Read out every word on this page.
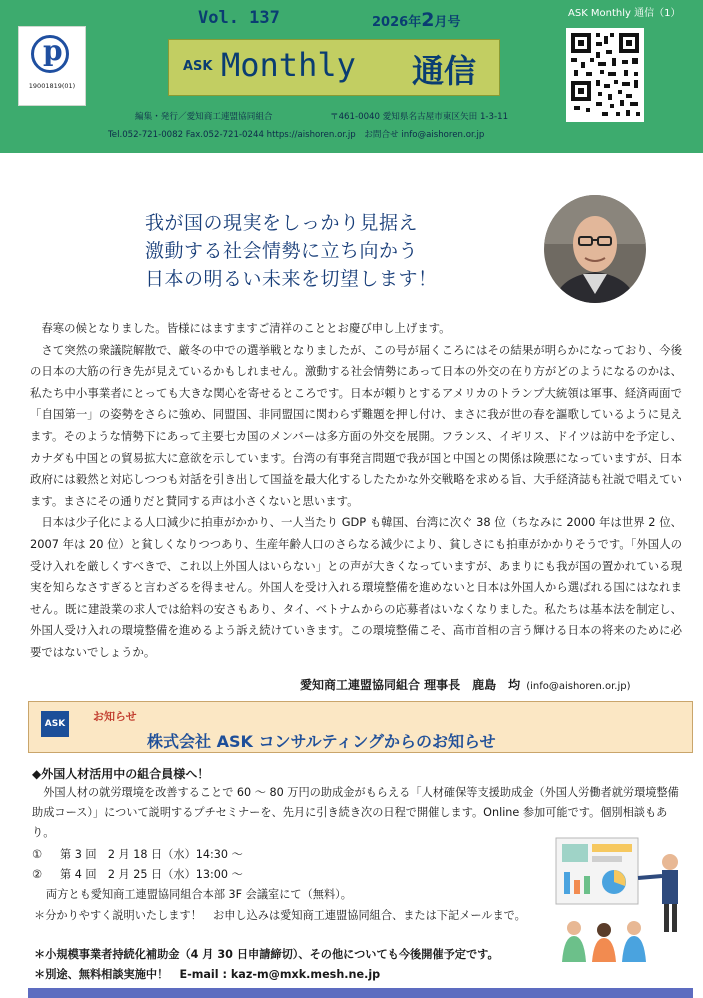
Vol. 137	2026年2月号
ASK Monthly 通信（1）
p
19001819(01)
ASK Monthly 通信
編集・発行／愛知商工連盟協同組合	〒461-0040 愛知県名古屋市東区矢田 1-3-11
Tel.052-721-0082 Fax.052-721-0244 https://aishoren.or.jp　お問合せ info@aishoren.or.jp
我が国の現実をしっかり見据え
激動する社会情勢に立ち向かう
日本の明るい未来を切望します！

春寒の候となりました。皆様にはますますご清祥のこととお慶び申し上げます。

さて突然の衆議院解散で、厳冬の中での選挙戦となりましたが、この号が届くころにはその結果が明らかになっており、今後の日本の大筋の行き先が見えているかもしれません。激動する社会情勢にあって日本の外交の在り方がどのようになるのかは、私たち中小事業者にとっても大きな関心を寄せるところです。日本が頼りとするアメリカのトランプ大統領は軍事、経済両面で「自国第一」の姿勢をさらに強め、同盟国、非同盟国に関わらず難題を押し付け、まさに我が世の春を謳歌しているように見えます。そのような情勢下にあって主要七カ国のメンバーは多方面の外交を展開。フランス、イギリス、ドイツは訪中を予定し、カナダも中国との貿易拡大に意欲を示しています。台湾の有事発言問題で我が国と中国との関係は険悪になっていますが、日本政府には毅然と対応しつつも対話を引き出して国益を最大化するしたたかな外交戦略を求める旨、大手経済誌も社説で唱えています。まさにその通りだと賛同する声は小さくないと思います。

日本は少子化による人口減少に拍車がかかり、一人当たり GDP も韓国、台湾に次ぐ 38 位（ちなみに 2000 年は世界 2 位、2007 年は 20 位）と貧しくなりつつあり、生産年齢人口のさらなる減少により、貧しさにも拍車がかかりそうです。「外国人の受け入れを厳しくすべきで、これ以上外国人はいらない」との声が大きくなっていますが、あまりにも我が国の置かれている現実を知らなさすぎると言わざるを得ません。外国人を受け入れる環境整備を進めないと日本は外国人から選ばれる国にはなれません。既に建設業の求人では給料の安さもあり、タイ、ベトナムからの応募者はいなくなりました。私たちは基本法を制定し、外国人受け入れの環境整備を進めるよう訴え続けていきます。この環境整備こそ、高市首相の言う輝ける日本の将来のために必要ではないでしょうか。

愛知商工連盟協同組合 理事長　鹿島　均 (info@aishoren.or.jp)
ASK
お知らせ
株式会社 ASK コンサルティングからのお知らせ
◆外国人材活用中の組合員様へ！
外国人材の就労環境を改善することで 60 ～ 80 万円の助成金がもらえる「人材確保等支援助成金（外国人労働者就労環境整備助成コース）」について説明するプチセミナーを、先月に引き続き次の日程で開催します。Online 参加可能です。個別相談もあり。
① 第 3 回　 2 月 18 日（水）14:30 ～
② 第 4 回　 2 月 25 日（水）13:00 ～
両方とも愛知商工連盟協同組合本部 3F 会議室にて（無料）。
＊分かりやすく説明いたします！　お申し込みは愛知商工連盟協同組合、または下記メールまで。
＊小規模事業者持続化補助金（4 月 30 日申請締切）、その他についても今後開催予定です。
＊別途、無料相談実施中！　E-mail : kaz-m@mxk.mesh.ne.jp
